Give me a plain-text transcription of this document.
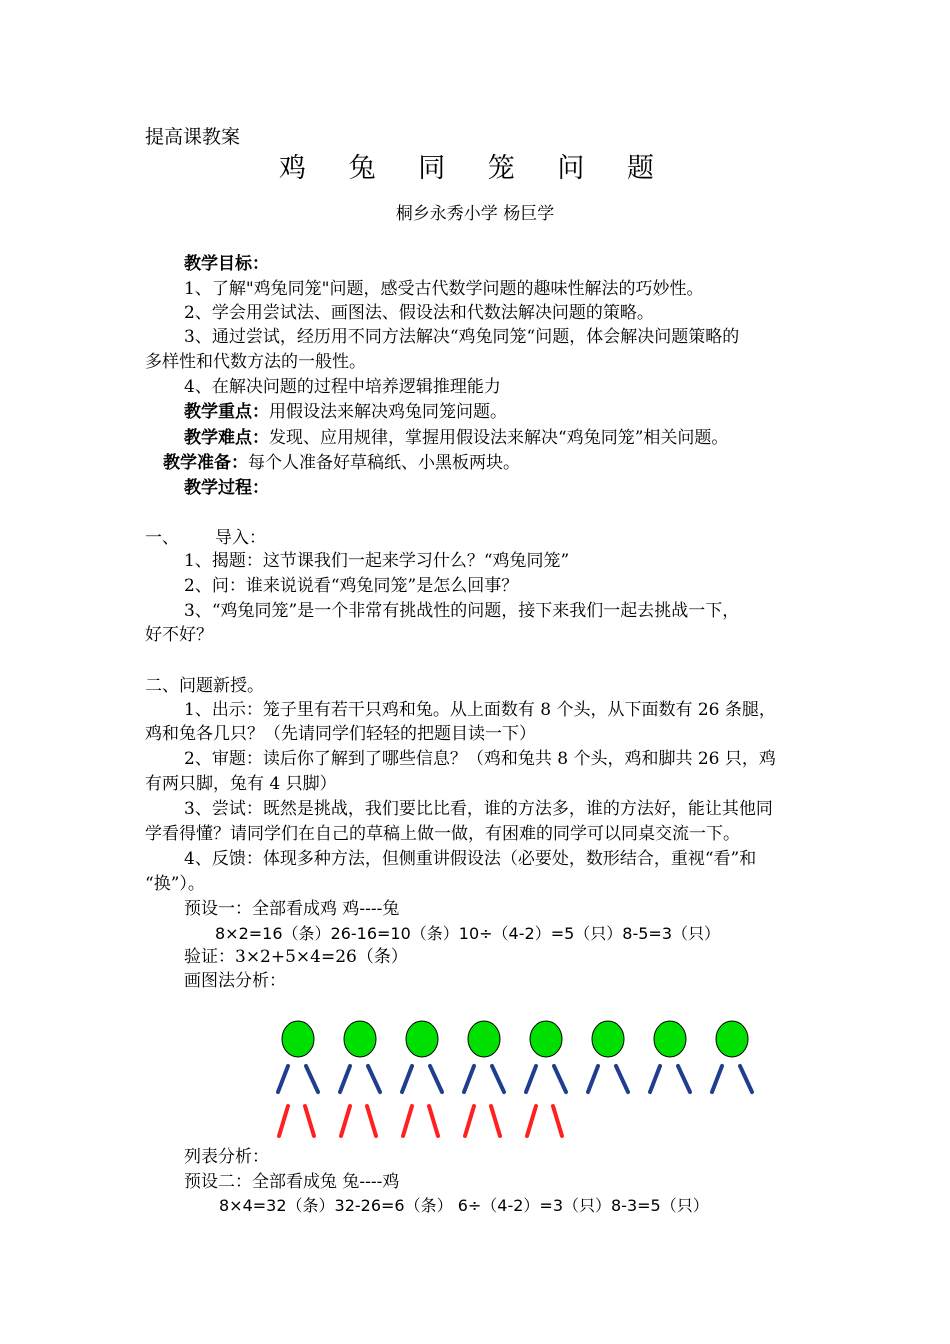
提高课教案
鸡 兔 同 笼 问 题
桐乡永秀小学 杨巨学
教学目标：
1、了解"鸡兔同笼"问题，感受古代数学问题的趣味性解法的巧妙性。
2、学会用尝试法、画图法、假设法和代数法解决问题的策略。
3、通过尝试，经历用不同方法解决“鸡兔同笼“问题，体会解决问题策略的
多样性和代数方法的一般性。
4、在解决问题的过程中培养逻辑推理能力
教学重点：用假设法来解决鸡兔同笼问题。
教学难点：发现、应用规律，掌握用假设法来解决“鸡兔同笼”相关问题。
教学准备：每个人准备好草稿纸、小黑板两块。
教学过程：
一、 导入：
1、揭题：这节课我们一起来学习什么？“鸡兔同笼”
2、问：谁来说说看“鸡兔同笼”是怎么回事？
3、“鸡兔同笼”是一个非常有挑战性的问题，接下来我们一起去挑战一下，
好不好？
二、问题新授。
1、出示：笼子里有若干只鸡和兔。从上面数有 8 个头，从下面数有 26 条腿，
鸡和兔各几只？（先请同学们轻轻的把题目读一下）
2、审题：读后你了解到了哪些信息？（鸡和兔共 8 个头，鸡和脚共 26 只，鸡
有两只脚，兔有 4 只脚）
3、尝试：既然是挑战，我们要比比看，谁的方法多，谁的方法好，能让其他同
学看得懂？请同学们在自己的草稿上做一做，有困难的同学可以同桌交流一下。
4、反馈：体现多种方法，但侧重讲假设法（必要处，数形结合，重视“看”和
“换”）。
预设一：全部看成鸡 鸡----兔
8×2=16（条）26-16=10（条）10÷（4-2）=5（只）8-5=3（只）
验证：3×2+5×4=26（条）
画图法分析：
列表分析：
预设二：全部看成兔 兔----鸡
8×4=32（条）32-26=6（条） 6÷（4-2）=3（只）8-3=5（只）
